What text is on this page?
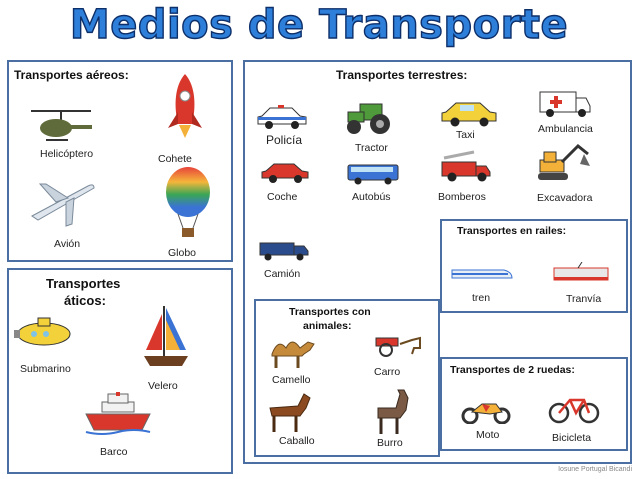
Medios de Transporte
Transportes aéreos:
Helicóptero	Cohete
Avión
Globo
Transportes
áticos:
Submarino
Velero
Barco
Transportes terrestres:
Policía
Tractor
Taxi	Ambulancia
Coche	Autobús	Bomberos	Excavadora
Camión
Transportes con
animales:
Camello
Carro
Caballo	Burro
Transportes en railes:
tren	Tranvía
Transportes de 2 ruedas:
Moto	Bicicleta
Iosune Portugal Bicandi
